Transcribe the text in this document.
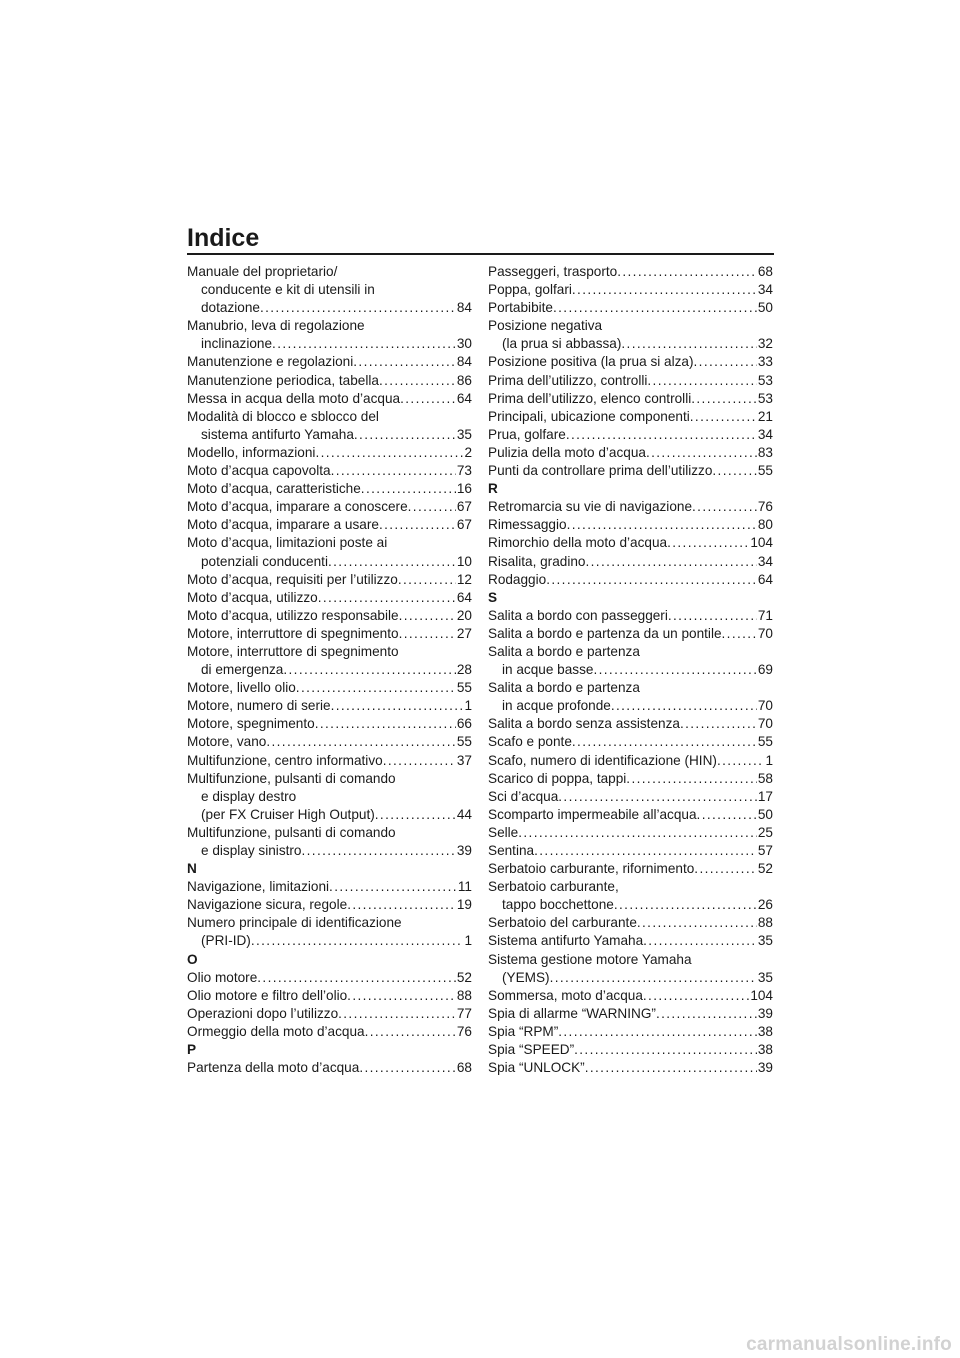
Indice
Manuale del proprietario/
conducente e kit di utensili in
dotazione . . .	84
Manubrio, leva di regolazione
inclinazione . . .	30
Manutenzione e regolazioni . . .	84
Manutenzione periodica, tabella . . .	86
Messa in acqua della moto d’acqua . . .	64
Modalità di blocco e sblocco del
sistema antifurto Yamaha . . .	35
Modello, informazioni . . .	2
Moto d’acqua capovolta . . .	73
Moto d’acqua, caratteristiche . . .	16
Moto d’acqua, imparare a conoscere . . .	67
Moto d’acqua, imparare a usare . . .	67
Moto d’acqua, limitazioni poste ai
potenziali conducenti . . .	10
Moto d’acqua, requisiti per l’utilizzo . . .	12
Moto d’acqua, utilizzo . . .	64
Moto d’acqua, utilizzo responsabile . . .	20
Motore, interruttore di spegnimento . . .	27
Motore, interruttore di spegnimento
di emergenza . . .	28
Motore, livello olio . . .	55
Motore, numero di serie . . .	1
Motore, spegnimento . . .	66
Motore, vano . . .	55
Multifunzione, centro informativo . . .	37
Multifunzione, pulsanti di comando
e display destro
(per FX Cruiser High Output) . . .	44
Multifunzione, pulsanti di comando
e display sinistro . . .	39
N
Navigazione, limitazioni . . .	11
Navigazione sicura, regole . . .	19
Numero principale di identificazione
(PRI-ID) . . .	1
O
Olio motore . . .	52
Olio motore e filtro dell’olio . . .	88
Operazioni dopo l’utilizzo . . .	77
Ormeggio della moto d’acqua . . .	76
P
Partenza della moto d’acqua . . .	68
Passeggeri, trasporto . . .	68
Poppa, golfari . . .	34
Portabibite . . .	50
Posizione negativa
(la prua si abbassa) . . .	32
Posizione positiva (la prua si alza) . . .	33
Prima dell’utilizzo, controlli . . .	53
Prima dell’utilizzo, elenco controlli . . .	53
Principali, ubicazione componenti . . .	21
Prua, golfare . . .	34
Pulizia della moto d’acqua . . .	83
Punti da controllare prima dell’utilizzo . . .	55
R
Retromarcia su vie di navigazione . . .	76
Rimessaggio . . .	80
Rimorchio della moto d’acqua . . .	104
Risalita, gradino . . .	34
Rodaggio . . .	64
S
Salita a bordo con passeggeri . . .	71
Salita a bordo e partenza da un pontile . . .	70
Salita a bordo e partenza
in acque basse . . .	69
Salita a bordo e partenza
in acque profonde . . .	70
Salita a bordo senza assistenza . . .	70
Scafo e ponte . . .	55
Scafo, numero di identificazione (HIN) . . .	1
Scarico di poppa, tappi . . .	58
Sci d’acqua . . .	17
Scomparto impermeabile all’acqua . . .	50
Selle . . .	25
Sentina . . .	57
Serbatoio carburante, rifornimento . . .	52
Serbatoio carburante,
tappo bocchettone . . .	26
Serbatoio del carburante . . .	88
Sistema antifurto Yamaha . . .	35
Sistema gestione motore Yamaha
(YEMS) . . .	35
Sommersa, moto d’acqua . . .	104
Spia di allarme “WARNING” . . .	39
Spia “RPM” . . .	38
Spia “SPEED” . . .	38
Spia “UNLOCK” . . .	39
carmanualsonline.info
